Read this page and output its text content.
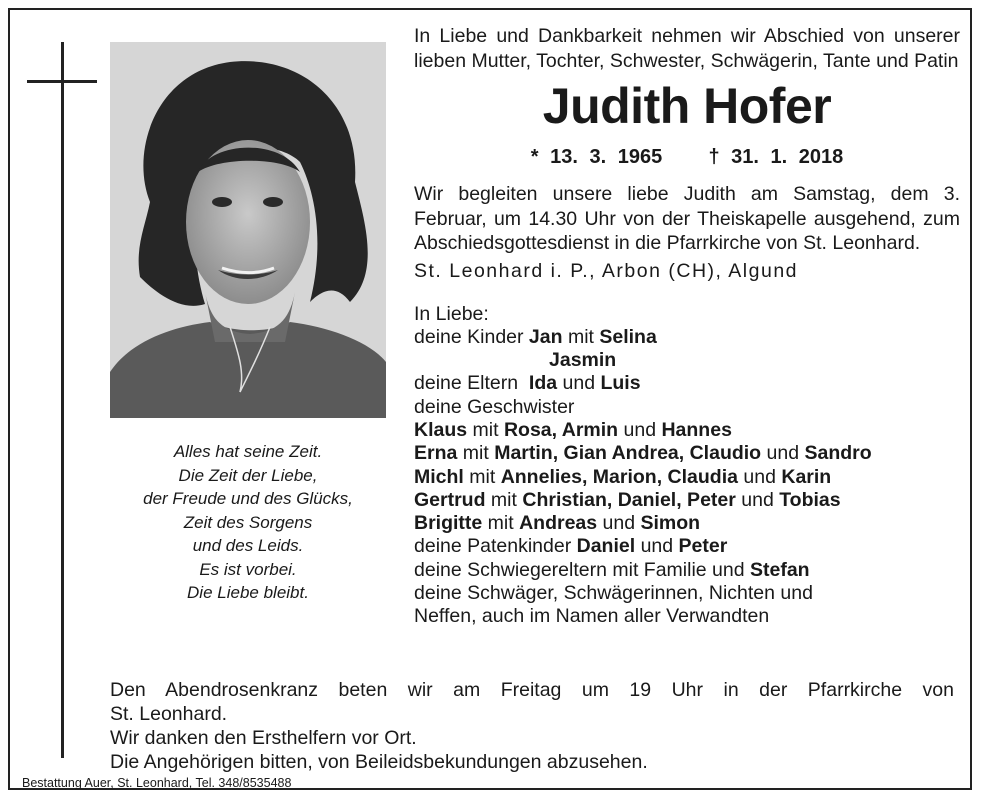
Alles hat seine Zeit.
Die Zeit der Liebe,
der Freude und des Glücks,
Zeit des Sorgens
und des Leids.
Es ist vorbei.
Die Liebe bleibt.
In Liebe und Dankbarkeit nehmen wir Abschied von unserer lieben Mutter, Tochter, Schwester, Schwägerin, Tante und Patin
Judith Hofer
* 13. 3. 1965 † 31. 1. 2018
Wir begleiten unsere liebe Judith am Samstag, dem 3. Februar, um 14.30 Uhr von der Theiskapelle ausgehend, zum Abschiedsgottesdienst in die Pfarrkirche von St. Leonhard.
St. Leonhard i. P., Arbon (CH), Algund
In Liebe:
deine Kinder Jan mit Selina
Jasmin
deine Eltern  Ida und Luis
deine Geschwister
Klaus mit Rosa, Armin und Hannes
Erna mit Martin, Gian Andrea, Claudio und Sandro
Michl mit Annelies, Marion, Claudia und Karin
Gertrud mit Christian, Daniel, Peter und Tobias
Brigitte mit Andreas und Simon
deine Patenkinder Daniel und Peter
deine Schwiegereltern mit Familie und Stefan
deine Schwäger, Schwägerinnen, Nichten und
Neffen, auch im Namen aller Verwandten
Den Abendrosenkranz beten wir am Freitag um 19 Uhr in der Pfarrkirche von
St. Leonhard.
Wir danken den Ersthelfern vor Ort.
Die Angehörigen bitten, von Beileidsbekundungen abzusehen.
Bestattung Auer, St. Leonhard, Tel. 348/8535488
